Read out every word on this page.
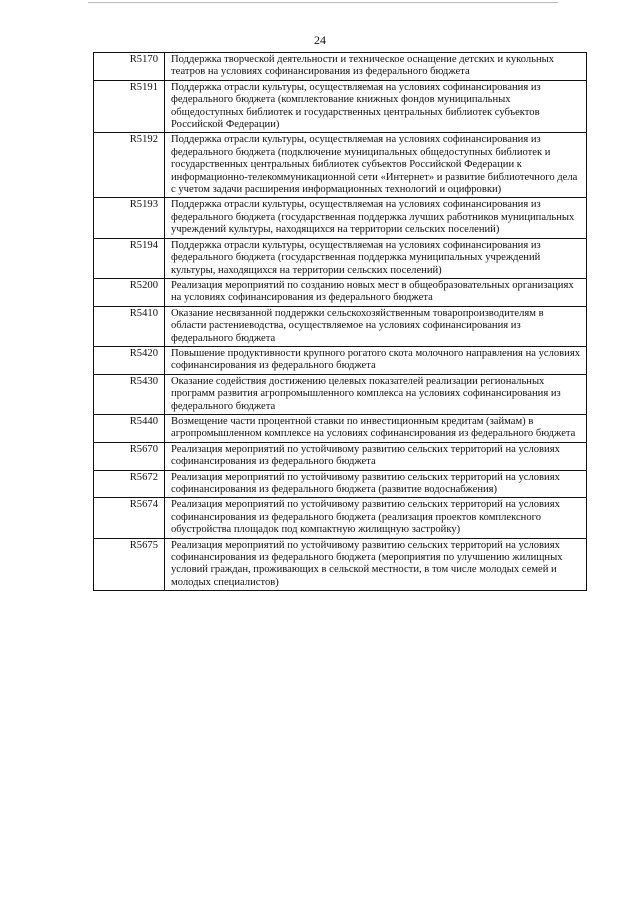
24
R5170	Поддержка творческой деятельности и техническое оснащение детских и кукольных театров на условиях софинансирования из федерального бюджета
R5191	Поддержка отрасли культуры, осуществляемая на условиях софинансирования из федерального бюджета (комплектование книжных фондов муниципальных общедоступных библиотек и государственных центральных библиотек субъектов Российской Федерации)
R5192	Поддержка отрасли культуры, осуществляемая на условиях софинансирования из федерального бюджета (подключение муниципальных общедоступных библиотек и государственных центральных библиотек субъектов Российской Федерации к информационно-телекоммуникационной сети «Интернет» и развитие библиотечного дела с учетом задачи расширения информационных технологий и оцифровки)
R5193	Поддержка отрасли культуры, осуществляемая на условиях софинансирования из федерального бюджета (государственная поддержка лучших работников муниципальных учреждений культуры, находящихся на территории сельских поселений)
R5194	Поддержка отрасли культуры, осуществляемая на условиях софинансирования из федерального бюджета (государственная поддержка муниципальных учреждений культуры, находящихся на территории сельских поселений)
R5200	Реализация мероприятий по созданию новых мест в общеобразовательных организациях на условиях софинансирования из федерального бюджета
R5410	Оказание несвязанной поддержки сельскохозяйственным товаропроизводителям в области растениеводства, осуществляемое на условиях софинансирования из федерального бюджета
R5420	Повышение продуктивности крупного рогатого скота молочного направления на условиях софинансирования из федерального бюджета
R5430	Оказание содействия достижению целевых показателей реализации региональных программ развития агропромышленного комплекса на условиях софинансирования из федерального бюджета
R5440	Возмещение части процентной ставки по инвестиционным кредитам (займам) в агропромышленном комплексе на условиях софинансирования из федерального бюджета
R5670	Реализация мероприятий по устойчивому развитию сельских территорий на условиях софинансирования из федерального бюджета
R5672	Реализация мероприятий по устойчивому развитию сельских территорий на условиях софинансирования из федерального бюджета (развитие водоснабжения)
R5674	Реализация мероприятий по устойчивому развитию сельских территорий на условиях софинансирования из федерального бюджета (реализация проектов комплексного обустройства площадок под компактную жилищную застройку)
R5675	Реализация мероприятий по устойчивому развитию сельских территорий на условиях софинансирования из федерального бюджета (мероприятия по улучшению жилищных условий граждан, проживающих в сельской местности, в том числе молодых семей и молодых специалистов)
